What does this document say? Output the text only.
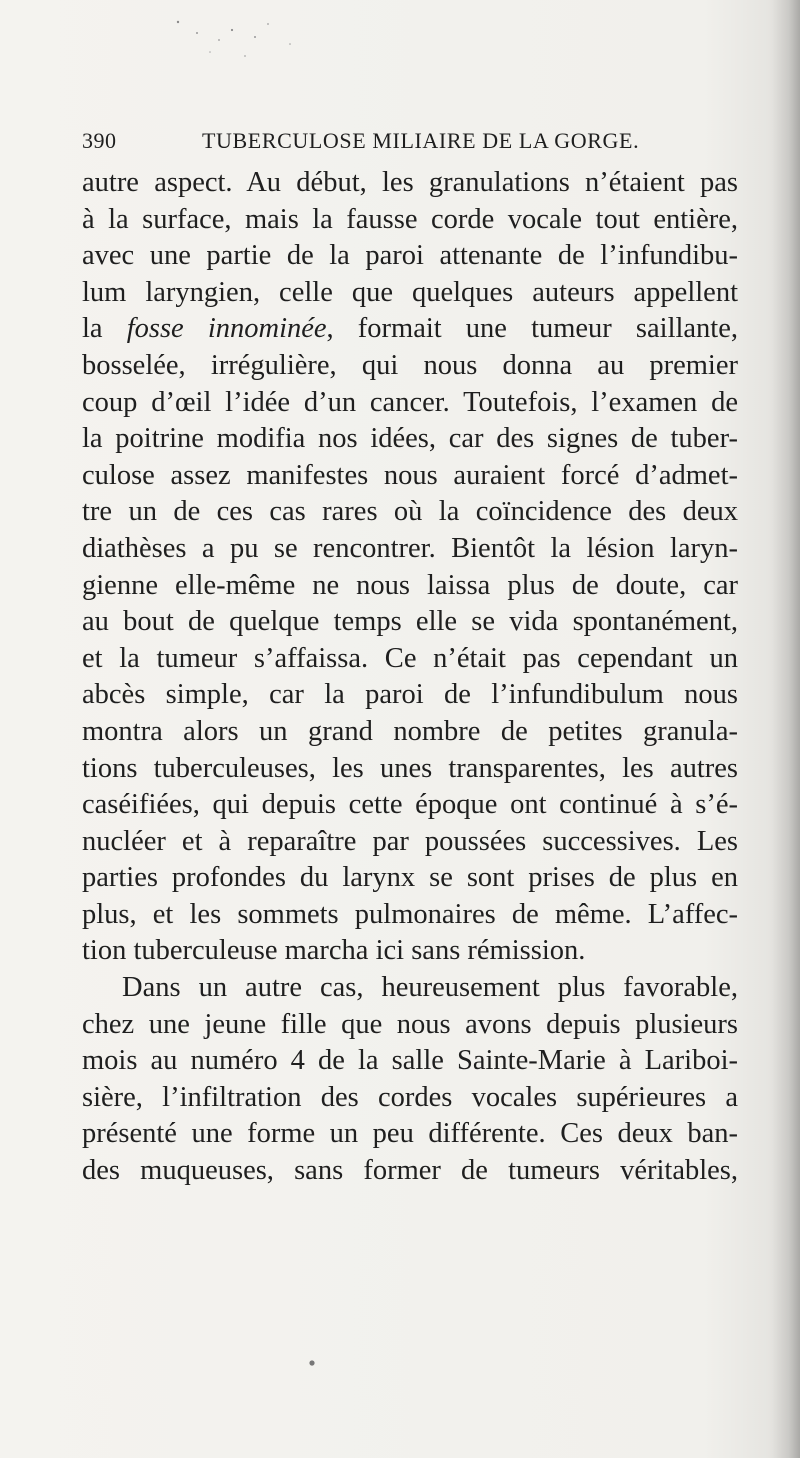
390	TUBERCULOSE MILIAIRE DE LA GORGE.
autre aspect. Au début, les granulations n’étaient pas
à la surface, mais la fausse corde vocale tout entière,
avec une partie de la paroi attenante de l’infundibu-
lum laryngien, celle que quelques auteurs appellent
la fosse innominée, formait une tumeur saillante,
bosselée, irrégulière, qui nous donna au premier
coup d’œil l’idée d’un cancer. Toutefois, l’examen de
la poitrine modifia nos idées, car des signes de tuber-
culose assez manifestes nous auraient forcé d’admet-
tre un de ces cas rares où la coïncidence des deux
diathèses a pu se rencontrer. Bientôt la lésion laryn-
gienne elle-même ne nous laissa plus de doute, car
au bout de quelque temps elle se vida spontanément,
et la tumeur s’affaissa. Ce n’était pas cependant un
abcès simple, car la paroi de l’infundibulum nous
montra alors un grand nombre de petites granula-
tions tuberculeuses, les unes transparentes, les autres
caséifiées, qui depuis cette époque ont continué à s’é-
nucléer et à reparaître par poussées successives. Les
parties profondes du larynx se sont prises de plus en
plus, et les sommets pulmonaires de même. L’affec-
tion tuberculeuse marcha ici sans rémission.
Dans un autre cas, heureusement plus favorable,
chez une jeune fille que nous avons depuis plusieurs
mois au numéro 4 de la salle Sainte-Marie à Lariboi-
sière, l’infiltration des cordes vocales supérieures a
présenté une forme un peu différente. Ces deux ban-
des muqueuses, sans former de tumeurs véritables,
